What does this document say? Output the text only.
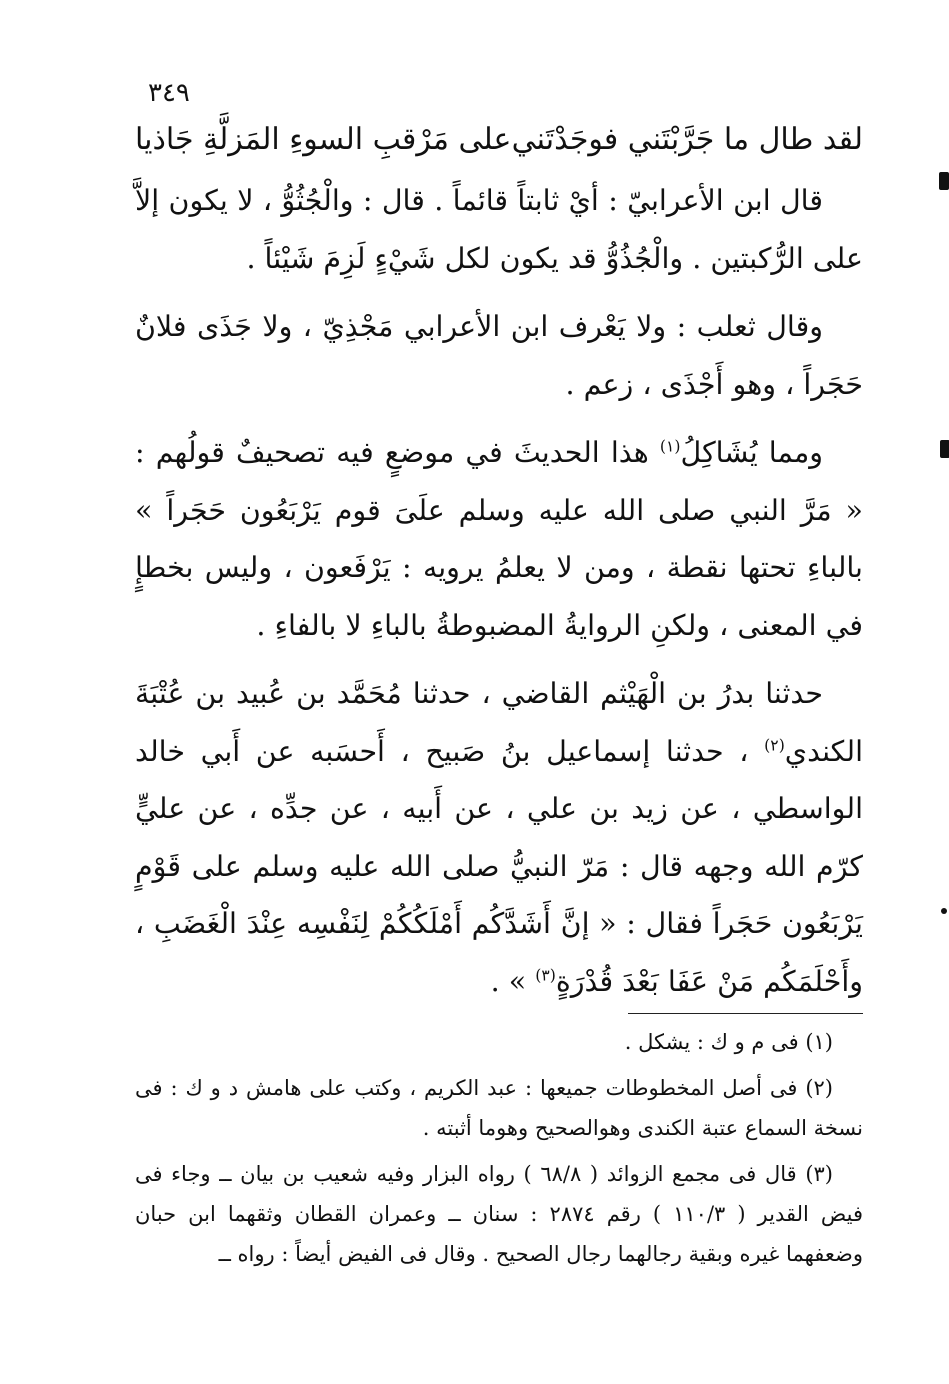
٣٤٩
لقد طال ما جَرَّبْتَني فوجَدْتَني
على مَرْقبِ السوءِ المَزلَّةِ جَاذيا

قال ابن الأعرابيّ : أيْ ثابتاً قائماً . قال : والْجُثُوُّ ، لا يكون إلاَّ على الرُّكبتين . والْجُذُوُّ قد يكون لكل شَيْءٍ لَزِمَ شَيْئاً .

وقال ثعلب : ولا يَعْرف ابن الأعرابي مَجْذِيّ ، ولا جَذَى فلانٌ حَجَراً ، وهو أَجْذَى ، زعم .

ومما يُشَاكِلُ$^{(١)}$ هذا الحديثَ في موضعٍ فيه تصحيفٌ قولُهم : « مَرَّ النبي صلى الله عليه وسلم علَىَ قوم يَرْبَعُون حَجَراً » بالباءِ تحتها نقطة ، ومن لا يعلمُ يرويه : يَرْفَعون ، وليس بخطإٍ في المعنى ، ولكنِ الروايةُ المضبوطةُ بالباءِ لا بالفاءِ .

حدثنا بدرُ بن الْهَيْثم القاضي ، حدثنا مُحَمَّد بن عُبيد بن عُتْبَةَ الكندي$^{(٢)}$ ، حدثنا إسماعيل بنُ صَبيح ، أَحسَبه عن أَبي خالد الواسطي ، عن زيد بن علي ، عن أَبيه ، عن جدِّه ، عن عليٍّ كرّم الله وجهه قال : مَرّ النبيُّ صلى الله عليه وسلم على قَوْمٍ يَرْبَعُون حَجَراً فقال : « إنَّ أَشَدَّكُم أَمْلَكُكُمْ لِنَفْسِه عِنْدَ الْغَضَبِ ، وأَحْلَمَكُم مَنْ عَفَا بَعْدَ قُدْرَةٍ$^{(٣)}$ » .

(١) فى م و ك : يشكل .

(٢) فى أصل المخطوطات جميعها : عبد الكريم ، وكتب على هامش د و ك : فى نسخة السماع عتبة الكندى وهوالصحيح وهوما أثبته .

(٣) قال فى مجمع الزوائد ( ٦٨/٨ ) رواه البزار وفيه شعيب بن بيان ــ وجاء فى فيض القدير ( ١١٠/٣ ) رقم ٢٨٧٤ : سنان ــ وعمران القطان وثقهما ابن حبان وضعفهما غيره وبقية رجالهما رجال الصحيح . وقال فى الفيض أيضاً : رواه ــ
